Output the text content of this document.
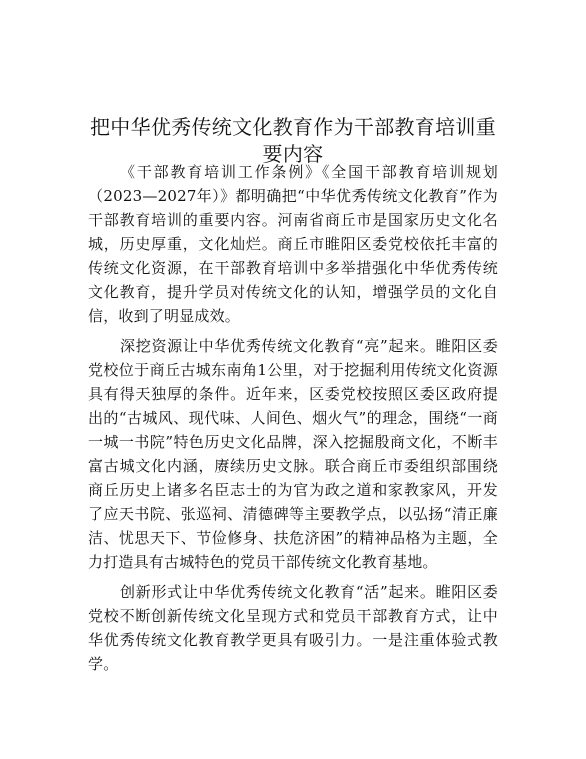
把中华优秀传统文化教育作为干部教育培训重要内容

《干部教育培训工作条例》《全国干部教育培训规划（2023—2027年）》都明确把“中华优秀传统文化教育”作为干部教育培训的重要内容。河南省商丘市是国家历史文化名城，历史厚重，文化灿烂。商丘市睢阳区委党校依托丰富的传统文化资源，在干部教育培训中多举措强化中华优秀传统文化教育，提升学员对传统文化的认知，增强学员的文化自信，收到了明显成效。

深挖资源让中华优秀传统文化教育“亮”起来。睢阳区委党校位于商丘古城东南角1公里，对于挖掘利用传统文化资源具有得天独厚的条件。近年来，区委党校按照区委区政府提出的“古城风、现代味、人间色、烟火气”的理念，围绕“一商一城一书院”特色历史文化品牌，深入挖掘殷商文化，不断丰富古城文化内涵，赓续历史文脉。联合商丘市委组织部围绕商丘历史上诸多名臣志士的为官为政之道和家教家风，开发了应天书院、张巡祠、清德碑等主要教学点，以弘扬“清正廉洁、忧思天下、节俭修身、扶危济困”的精神品格为主题，全力打造具有古城特色的党员干部传统文化教育基地。

创新形式让中华优秀传统文化教育“活”起来。睢阳区委党校不断创新传统文化呈现方式和党员干部教育方式，让中华优秀传统文化教育教学更具有吸引力。一是注重体验式教学。
